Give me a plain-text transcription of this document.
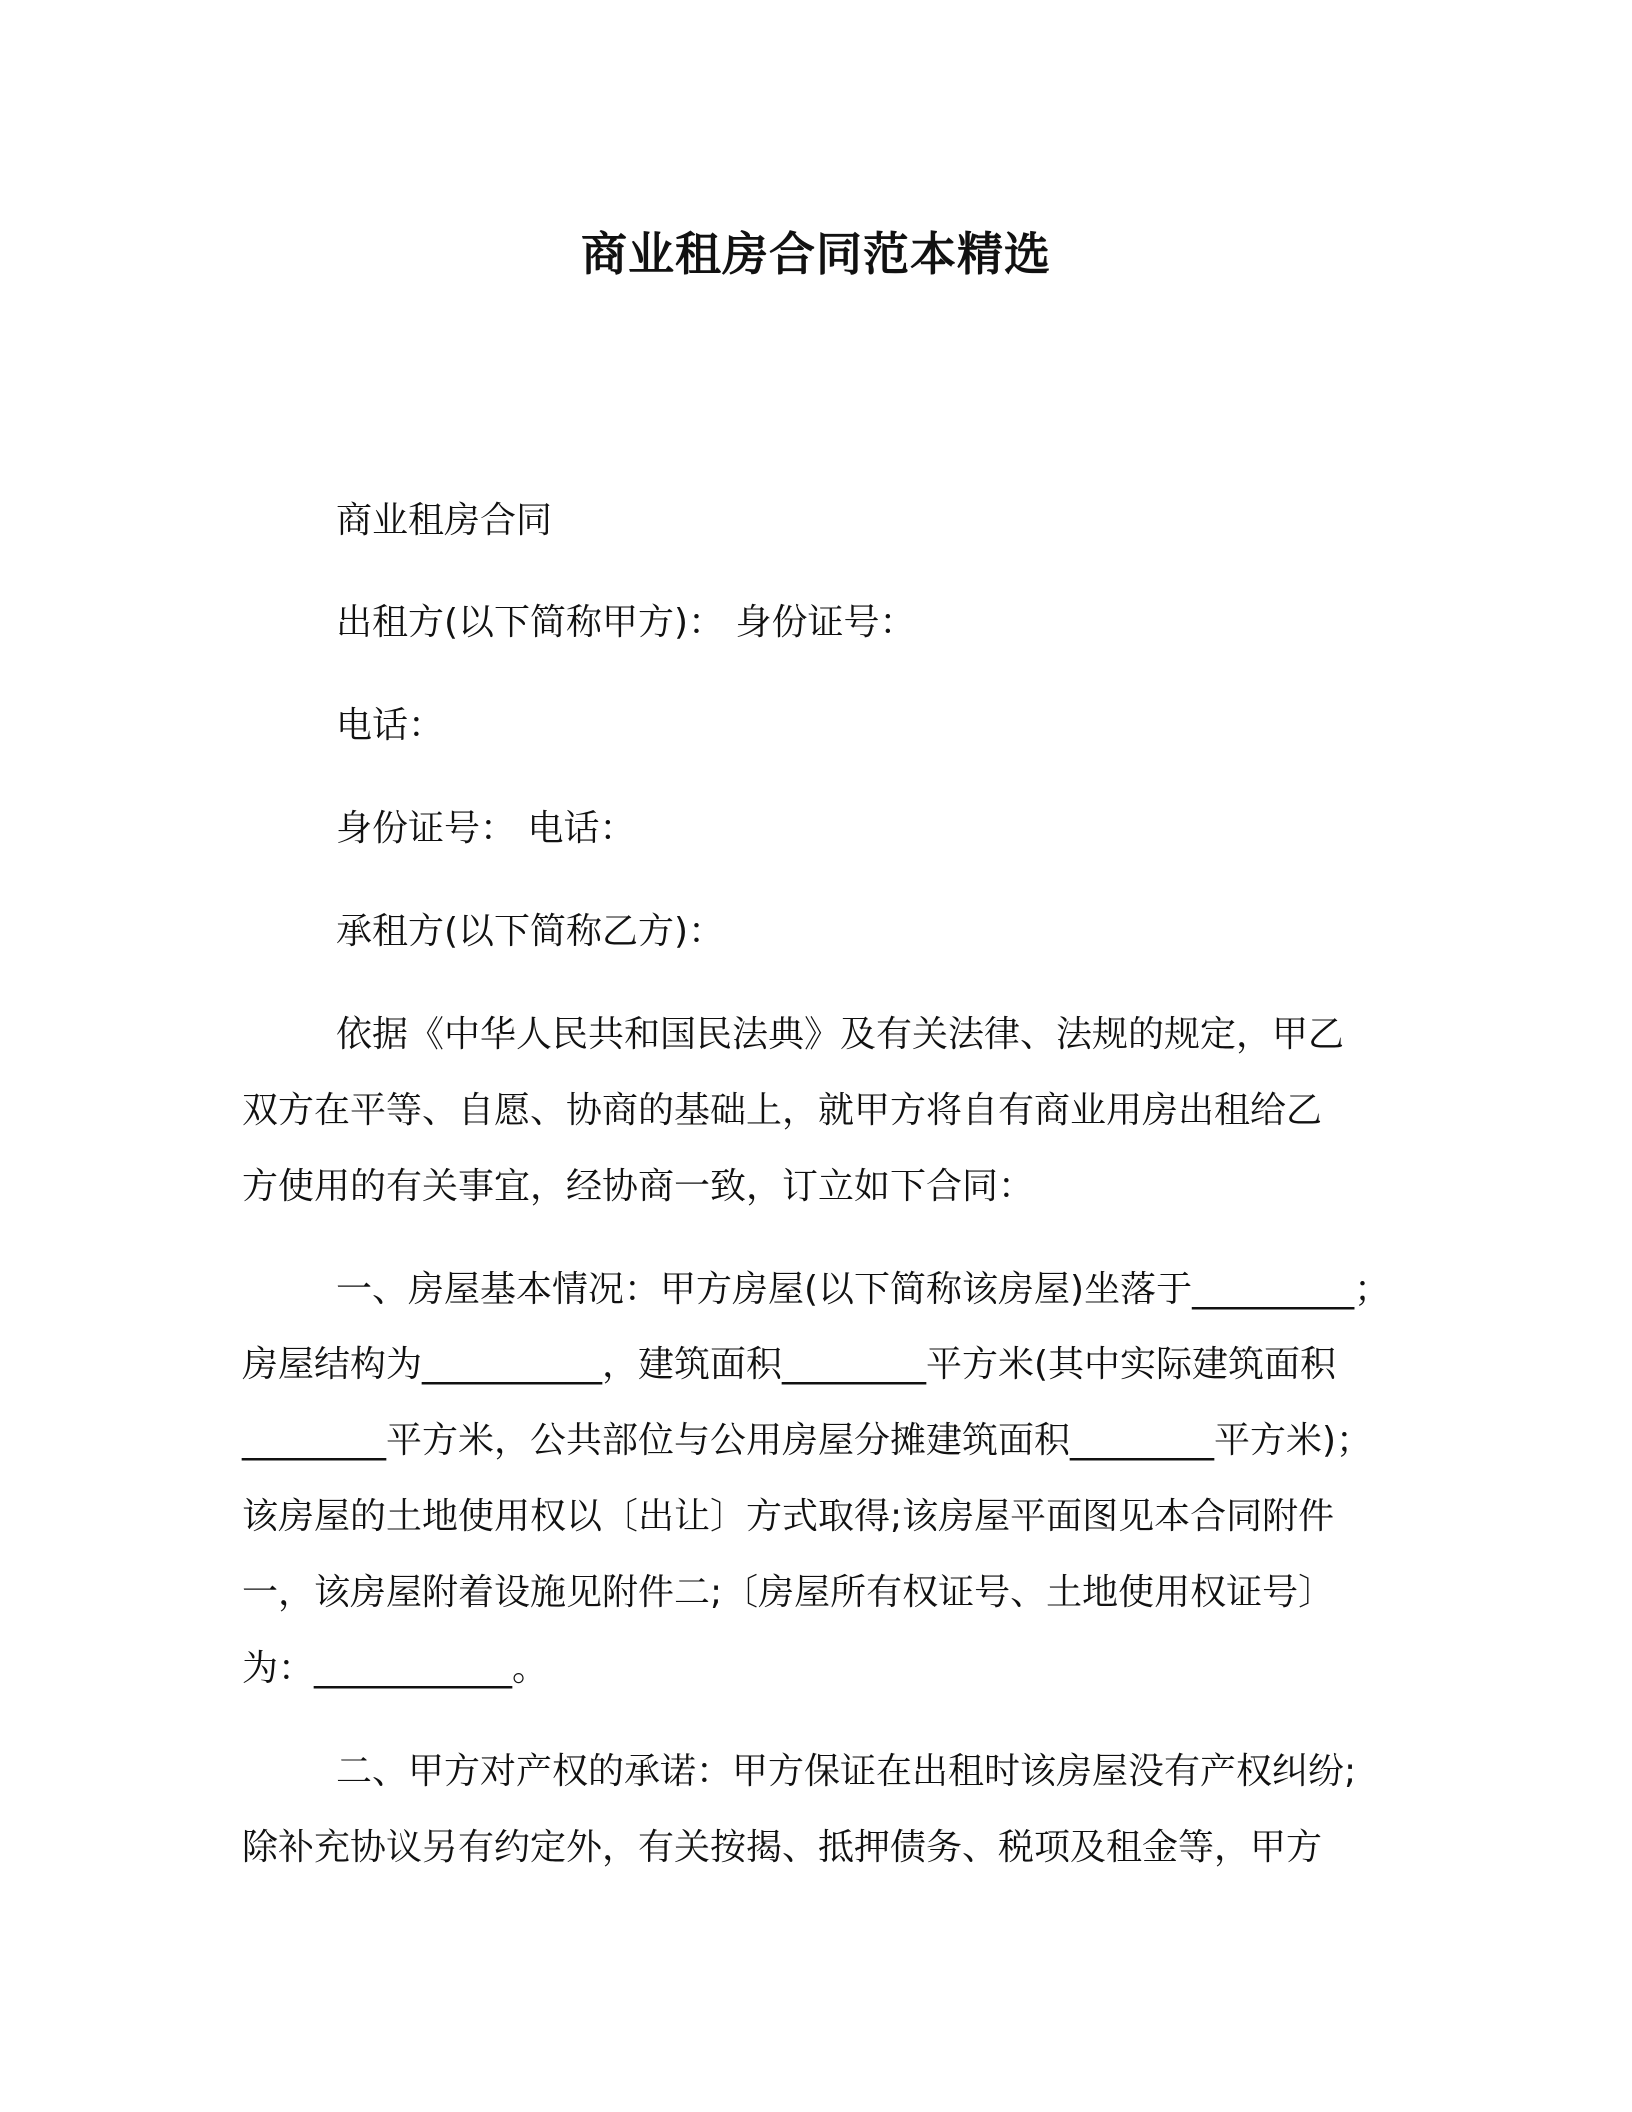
商业租房合同范本精选
商业租房合同
出租方(以下简称甲方)： 身份证号：
电话：
身份证号： 电话：
承租方(以下简称乙方)：
依据《中华人民共和国民法典》及有关法律、法规的规定，甲乙
双方在平等、自愿、协商的基础上，就甲方将自有商业用房出租给乙
方使用的有关事宜，经协商一致，订立如下合同：
一、房屋基本情况：甲方房屋(以下简称该房屋)坐落于_________；
房屋结构为__________，建筑面积________平方米(其中实际建筑面积
________平方米，公共部位与公用房屋分摊建筑面积________平方米)；
该房屋的土地使用权以〔出让〕方式取得;该房屋平面图见本合同附件
一，该房屋附着设施见附件二;〔房屋所有权证号、土地使用权证号〕
为：___________。
二、甲方对产权的承诺：甲方保证在出租时该房屋没有产权纠纷;
除补充协议另有约定外，有关按揭、抵押债务、税项及租金等，甲方
